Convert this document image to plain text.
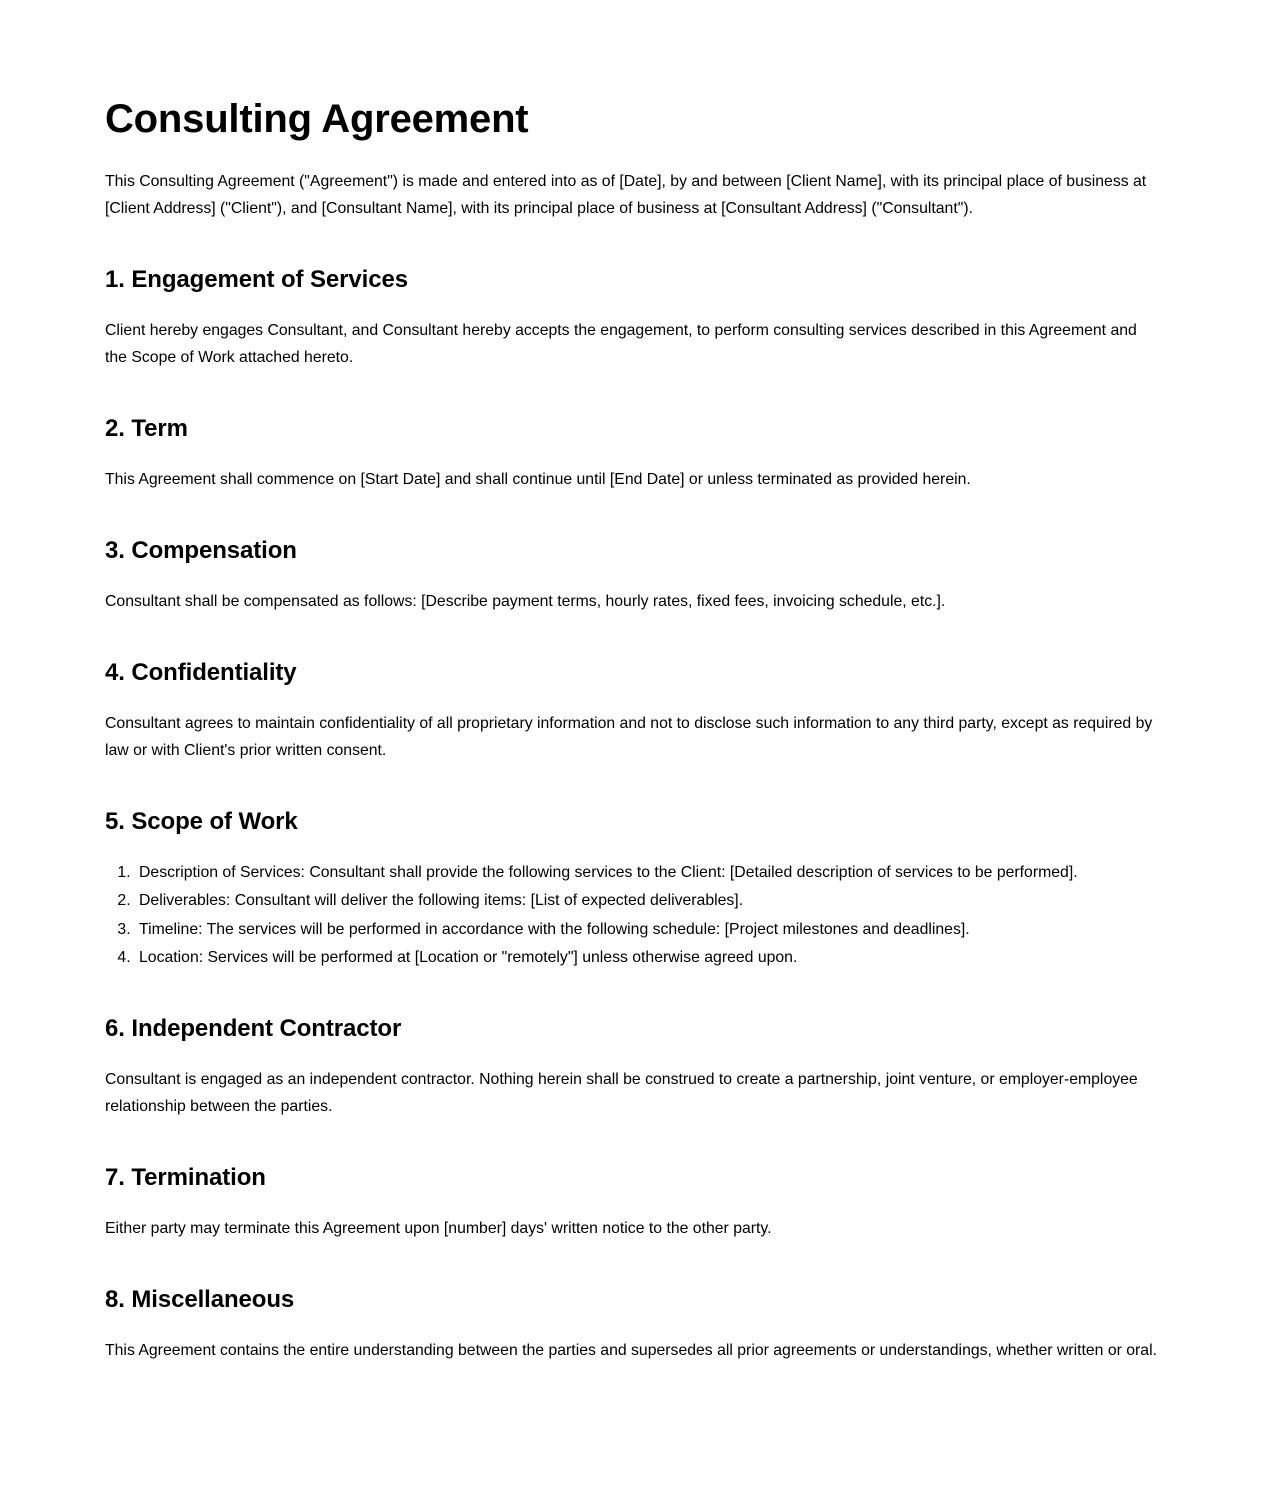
Consulting Agreement

This Consulting Agreement ("Agreement") is made and entered into as of [Date], by and between [Client Name], with its principal place of business at [Client Address] ("Client"), and [Consultant Name], with its principal place of business at [Consultant Address] ("Consultant").

1. Engagement of Services

Client hereby engages Consultant, and Consultant hereby accepts the engagement, to perform consulting services described in this Agreement and the Scope of Work attached hereto.

2. Term

This Agreement shall commence on [Start Date] and shall continue until [End Date] or unless terminated as provided herein.

3. Compensation

Consultant shall be compensated as follows: [Describe payment terms, hourly rates, fixed fees, invoicing schedule, etc.].

4. Confidentiality

Consultant agrees to maintain confidentiality of all proprietary information and not to disclose such information to any third party, except as required by law or with Client's prior written consent.

5. Scope of Work
1. Description of Services: Consultant shall provide the following services to the Client: [Detailed description of services to be performed].
2. Deliverables: Consultant will deliver the following items: [List of expected deliverables].
3. Timeline: The services will be performed in accordance with the following schedule: [Project milestones and deadlines].
4. Location: Services will be performed at [Location or "remotely"] unless otherwise agreed upon.
6. Independent Contractor

Consultant is engaged as an independent contractor. Nothing herein shall be construed to create a partnership, joint venture, or employer-employee relationship between the parties.

7. Termination

Either party may terminate this Agreement upon [number] days' written notice to the other party.

8. Miscellaneous

This Agreement contains the entire understanding between the parties and supersedes all prior agreements or understandings, whether written or oral.
